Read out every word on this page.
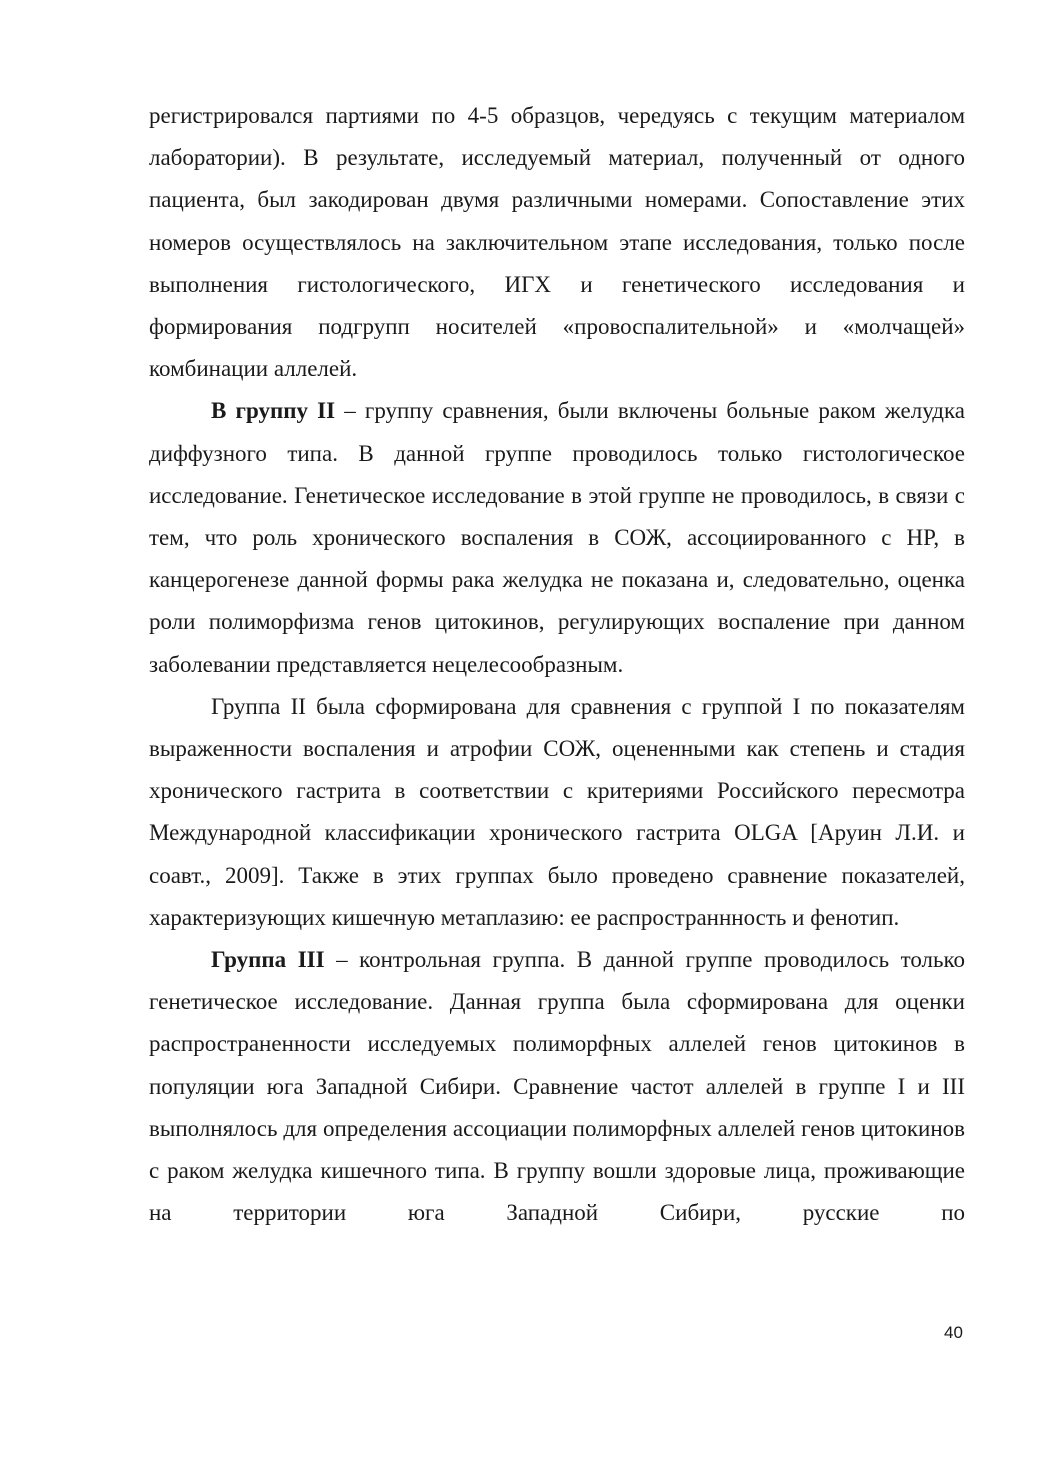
регистрировался партиями по 4-5 образцов, чередуясь с текущим материалом лаборатории). В результате, исследуемый материал, полученный от одного пациента, был закодирован двумя различными номерами. Сопоставление этих номеров осуществлялось на заключительном этапе исследования, только после выполнения гистологического, ИГХ и генетического исследования и формирования подгрупп носителей «провоспалительной» и «молчащей» комбинации аллелей.

В группу II – группу сравнения, были включены больные раком желудка диффузного типа. В данной группе проводилось только гистологическое исследование. Генетическое исследование в этой группе не проводилось, в связи с тем, что роль хронического воспаления в СОЖ, ассоциированного с HP, в канцерогенезе данной формы рака желудка не показана и, следовательно, оценка роли полиморфизма генов цитокинов, регулирующих воспаление при данном заболевании представляется нецелесообразным.

Группа II была сформирована для сравнения с группой I по показателям выраженности воспаления и атрофии СОЖ, оцененными как степень и стадия хронического гастрита в соответствии с критериями Российского пересмотра Международной классификации хронического гастрита OLGA [Аруин Л.И. и соавт., 2009]. Также в этих группах было проведено сравнение показателей, характеризующих кишечную метаплазию: ее распространнность и фенотип.

Группа III – контрольная группа. В данной группе проводилось только генетическое исследование. Данная группа была сформирована для оценки распространенности исследуемых полиморфных аллелей генов цитокинов в популяции юга Западной Сибири. Сравнение частот аллелей в группе I и III выполнялось для определения ассоциации полиморфных аллелей генов цитокинов с раком желудка кишечного типа. В группу вошли здоровые лица, проживающие на территории юга Западной Сибири, русские по

40
